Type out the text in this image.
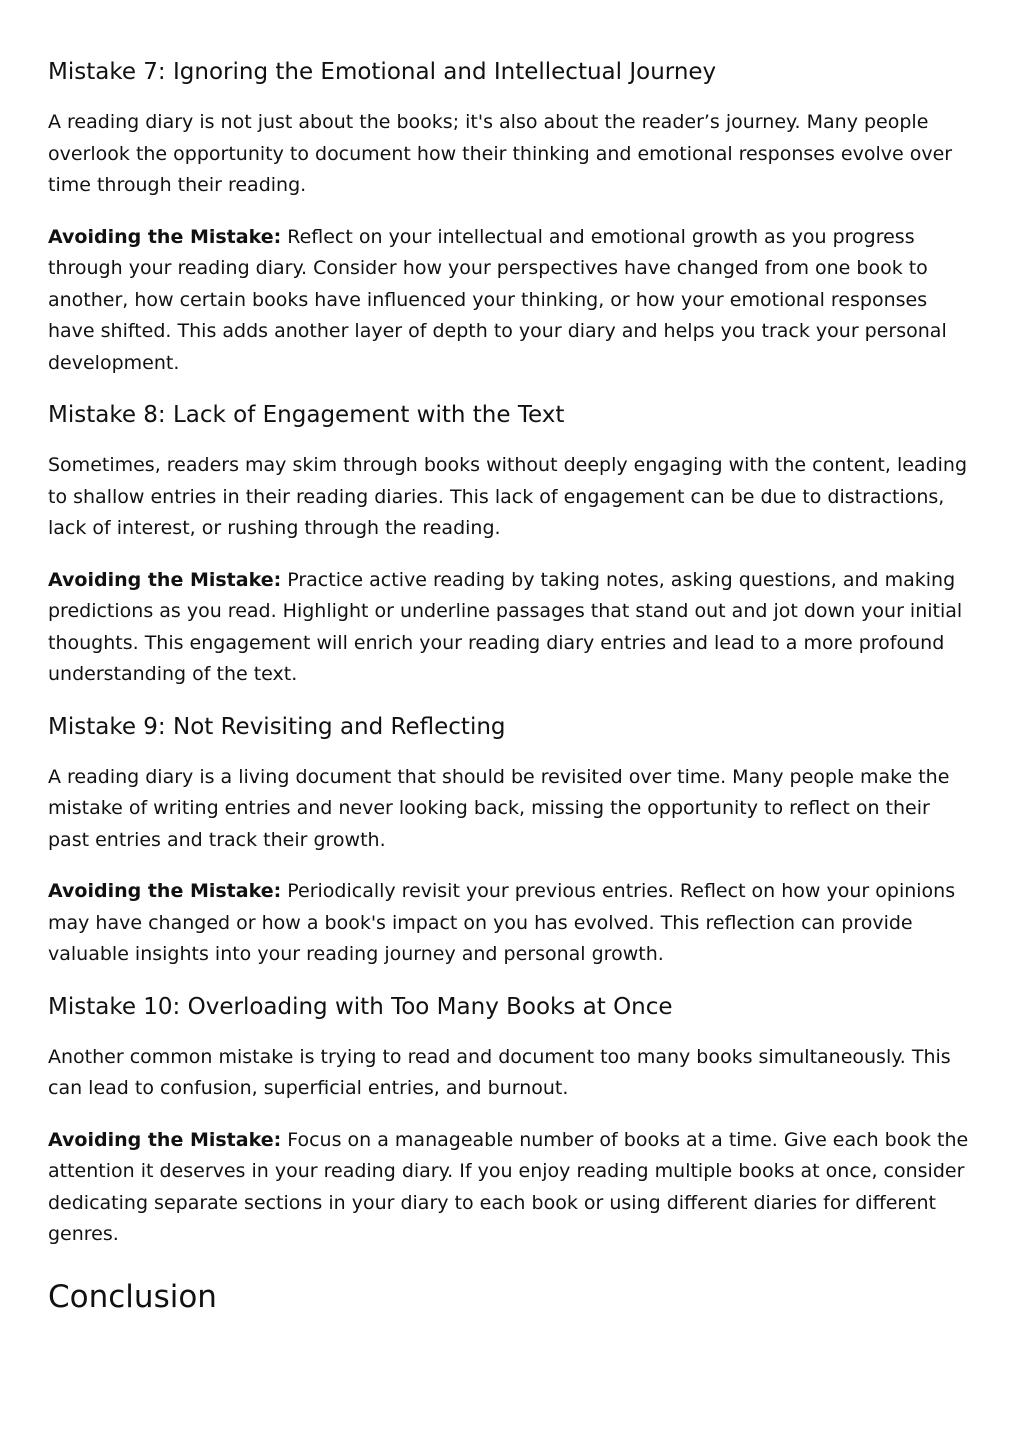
Mistake 7: Ignoring the Emotional and Intellectual Journey

A reading diary is not just about the books; it's also about the reader’s journey. Many people overlook the opportunity to document how their thinking and emotional responses evolve over time through their reading.

Avoiding the Mistake: Reflect on your intellectual and emotional growth as you progress through your reading diary. Consider how your perspectives have changed from one book to another, how certain books have influenced your thinking, or how your emotional responses have shifted. This adds another layer of depth to your diary and helps you track your personal development.

Mistake 8: Lack of Engagement with the Text

Sometimes, readers may skim through books without deeply engaging with the content, leading to shallow entries in their reading diaries. This lack of engagement can be due to distractions, lack of interest, or rushing through the reading.

Avoiding the Mistake: Practice active reading by taking notes, asking questions, and making predictions as you read. Highlight or underline passages that stand out and jot down your initial thoughts. This engagement will enrich your reading diary entries and lead to a more profound understanding of the text.

Mistake 9: Not Revisiting and Reflecting

A reading diary is a living document that should be revisited over time. Many people make the mistake of writing entries and never looking back, missing the opportunity to reflect on their past entries and track their growth.

Avoiding the Mistake: Periodically revisit your previous entries. Reflect on how your opinions may have changed or how a book's impact on you has evolved. This reflection can provide valuable insights into your reading journey and personal growth.

Mistake 10: Overloading with Too Many Books at Once

Another common mistake is trying to read and document too many books simultaneously. This can lead to confusion, superficial entries, and burnout.

Avoiding the Mistake: Focus on a manageable number of books at a time. Give each book the attention it deserves in your reading diary. If you enjoy reading multiple books at once, consider dedicating separate sections in your diary to each book or using different diaries for different genres.

Conclusion
